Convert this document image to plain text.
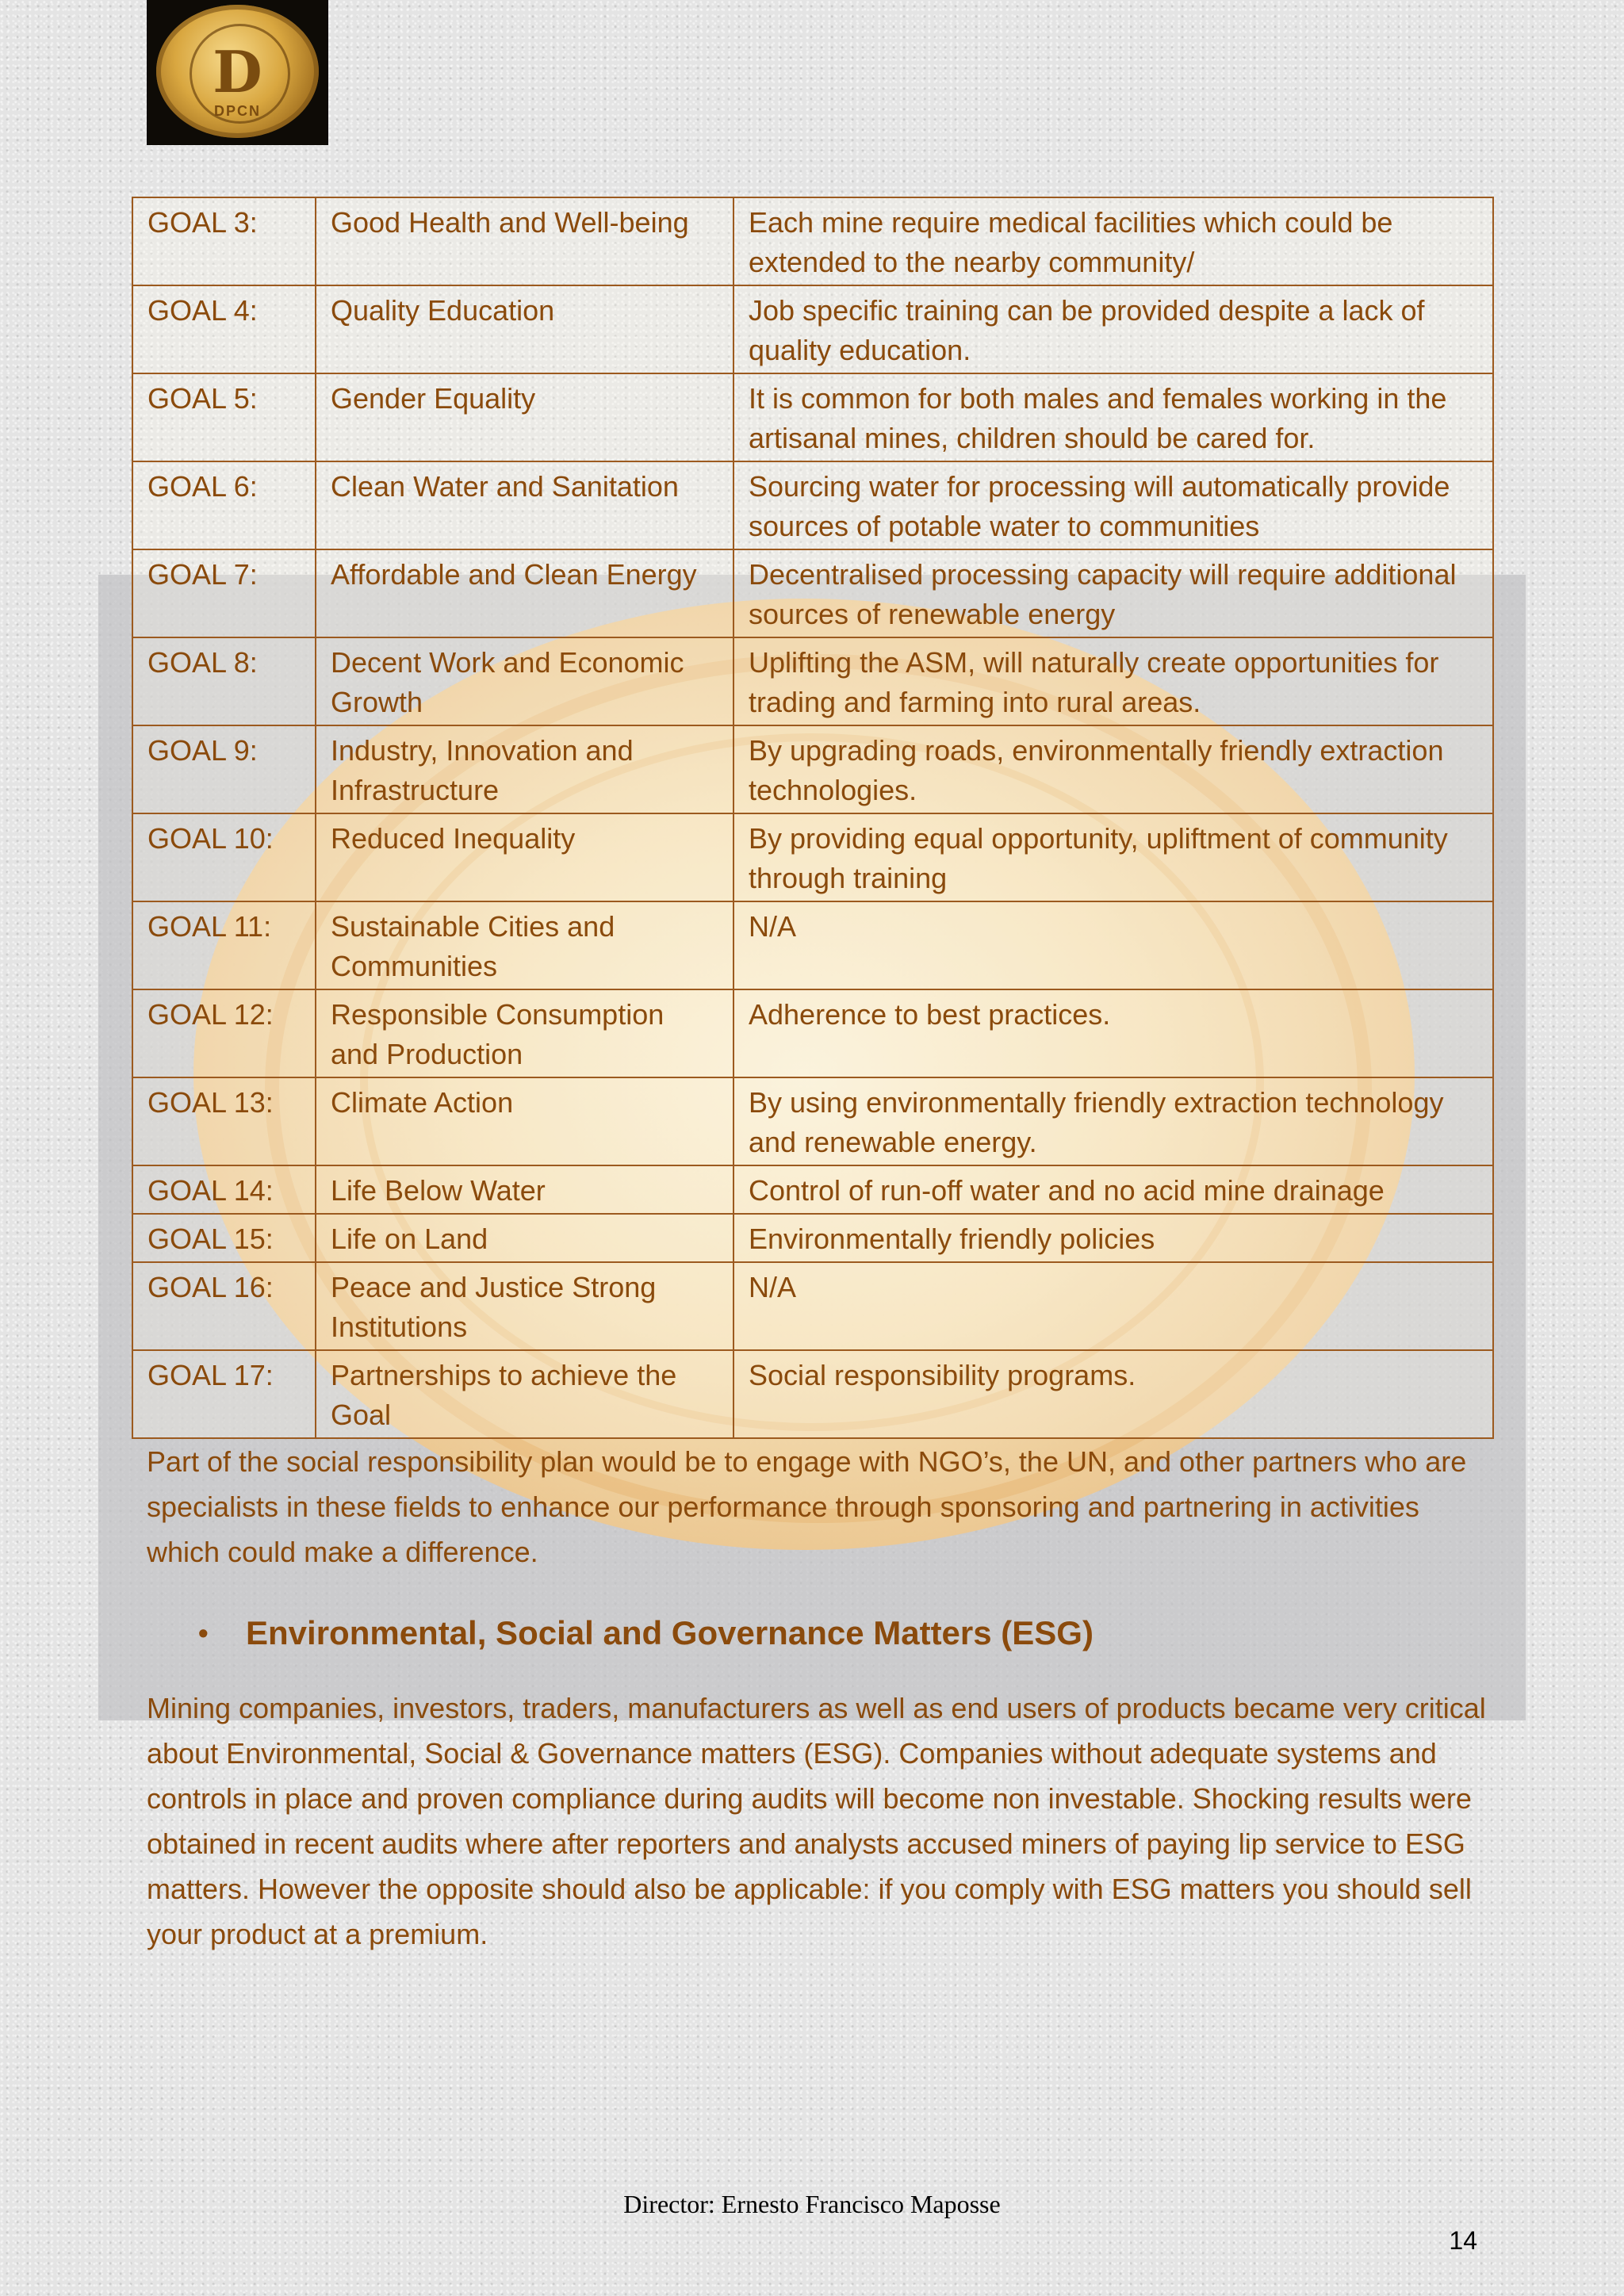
D
DPCN
GOAL 3:	Good Health and Well-being	Each mine require medical facilities which could be extended to the nearby community/
GOAL 4:	Quality Education	Job specific training can be provided despite a lack of quality education.
GOAL 5:	Gender Equality	It is common for both males and females working in the artisanal mines, children should be cared for.
GOAL 6:	Clean Water and Sanitation	Sourcing water for processing will automatically provide sources of potable water to communities
GOAL 7:	Affordable and Clean Energy	Decentralised processing capacity will require additional sources of renewable energy
GOAL 8:	Decent Work and Economic Growth	Uplifting the ASM, will naturally create opportunities for trading and farming into rural areas.
GOAL 9:	Industry, Innovation and Infrastructure	By upgrading roads, environmentally friendly extraction technologies.
GOAL 10:	Reduced Inequality	By providing equal opportunity, upliftment of community through training
GOAL 11:	Sustainable Cities and Communities	N/A
GOAL 12:	Responsible Consumption and Production	Adherence to best practices.
GOAL 13:	Climate Action	By using environmentally friendly extraction technology and renewable energy.
GOAL 14:	Life Below Water	Control of run-off water and no acid mine drainage
GOAL 15:	Life on Land	Environmentally friendly policies
GOAL 16:	Peace and Justice Strong Institutions	N/A
GOAL 17:	Partnerships to achieve the Goal	Social responsibility programs.

Part of the social responsibility plan would be to engage with NGO’s, the UN, and other partners who are specialists in these fields to enhance our performance through sponsoring and partnering in activities which could make a difference.

• Environmental, Social and Governance Matters (ESG)

Mining companies, investors, traders, manufacturers as well as end users of products became very critical about Environmental, Social & Governance matters (ESG). Companies without adequate systems and controls in place and proven compliance during audits will become non investable. Shocking results were obtained in recent audits where after reporters and analysts accused miners of paying lip service to ESG matters. However the opposite should also be applicable: if you comply with ESG matters you should sell your product at a premium.

Director: Ernesto Francisco Maposse
14
